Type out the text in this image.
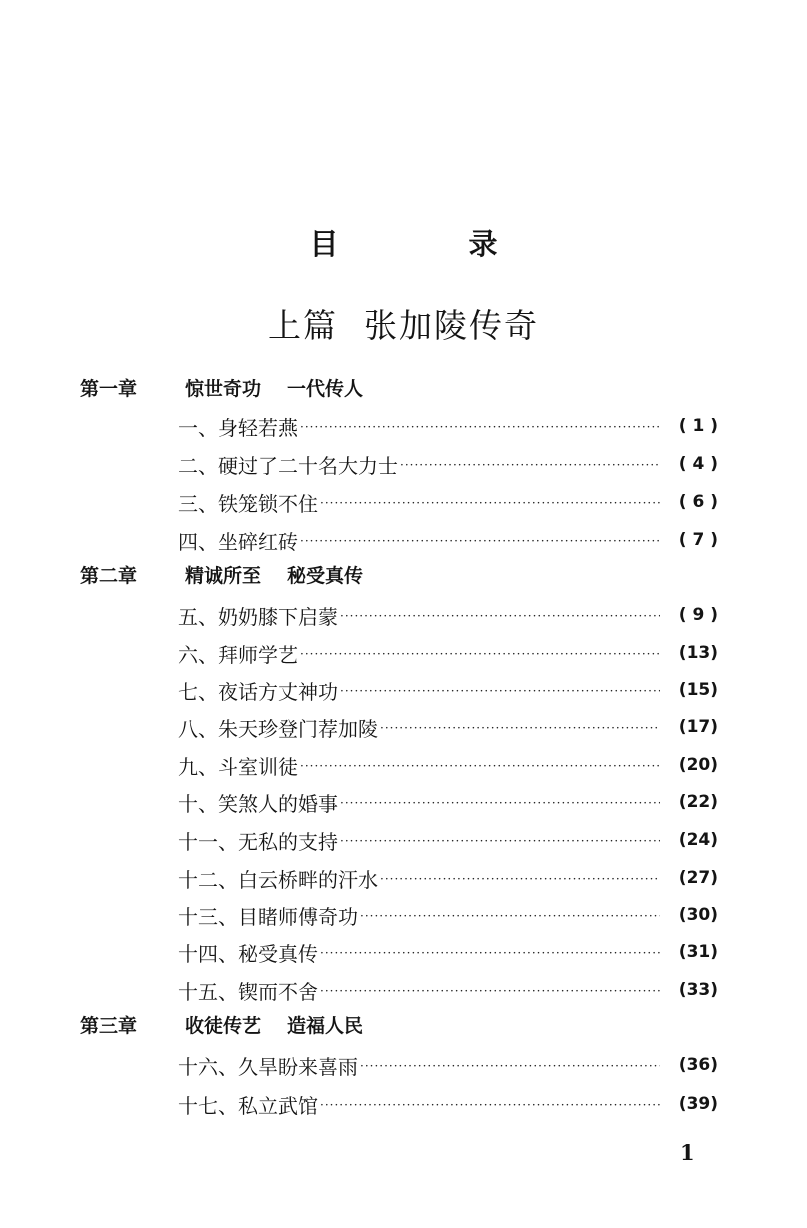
目 录
上篇 张加陵传奇
第一章	惊世奇功 一代传人
一、身轻若燕 ·····	( 1 )
二、硬过了二十名大力士 ·····	( 4 )
三、铁笼锁不住 ·····	( 6 )
四、坐碎红砖 ·····	( 7 )
第二章	精诚所至 秘受真传
五、奶奶膝下启蒙 ·····	( 9 )
六、拜师学艺 ·····	(13)
七、夜话方丈神功 ·····	(15)
八、朱天珍登门荐加陵 ·····	(17)
九、斗室训徒 ·····	(20)
十、笑煞人的婚事 ·····	(22)
十一、无私的支持 ·····	(24)
十二、白云桥畔的汗水 ·····	(27)
十三、目睹师傅奇功 ·····	(30)
十四、秘受真传 ·····	(31)
十五、锲而不舍 ·····	(33)
第三章	收徒传艺 造福人民
十六、久旱盼来喜雨 ·····	(36)
十七、私立武馆 ·····	(39)
1
